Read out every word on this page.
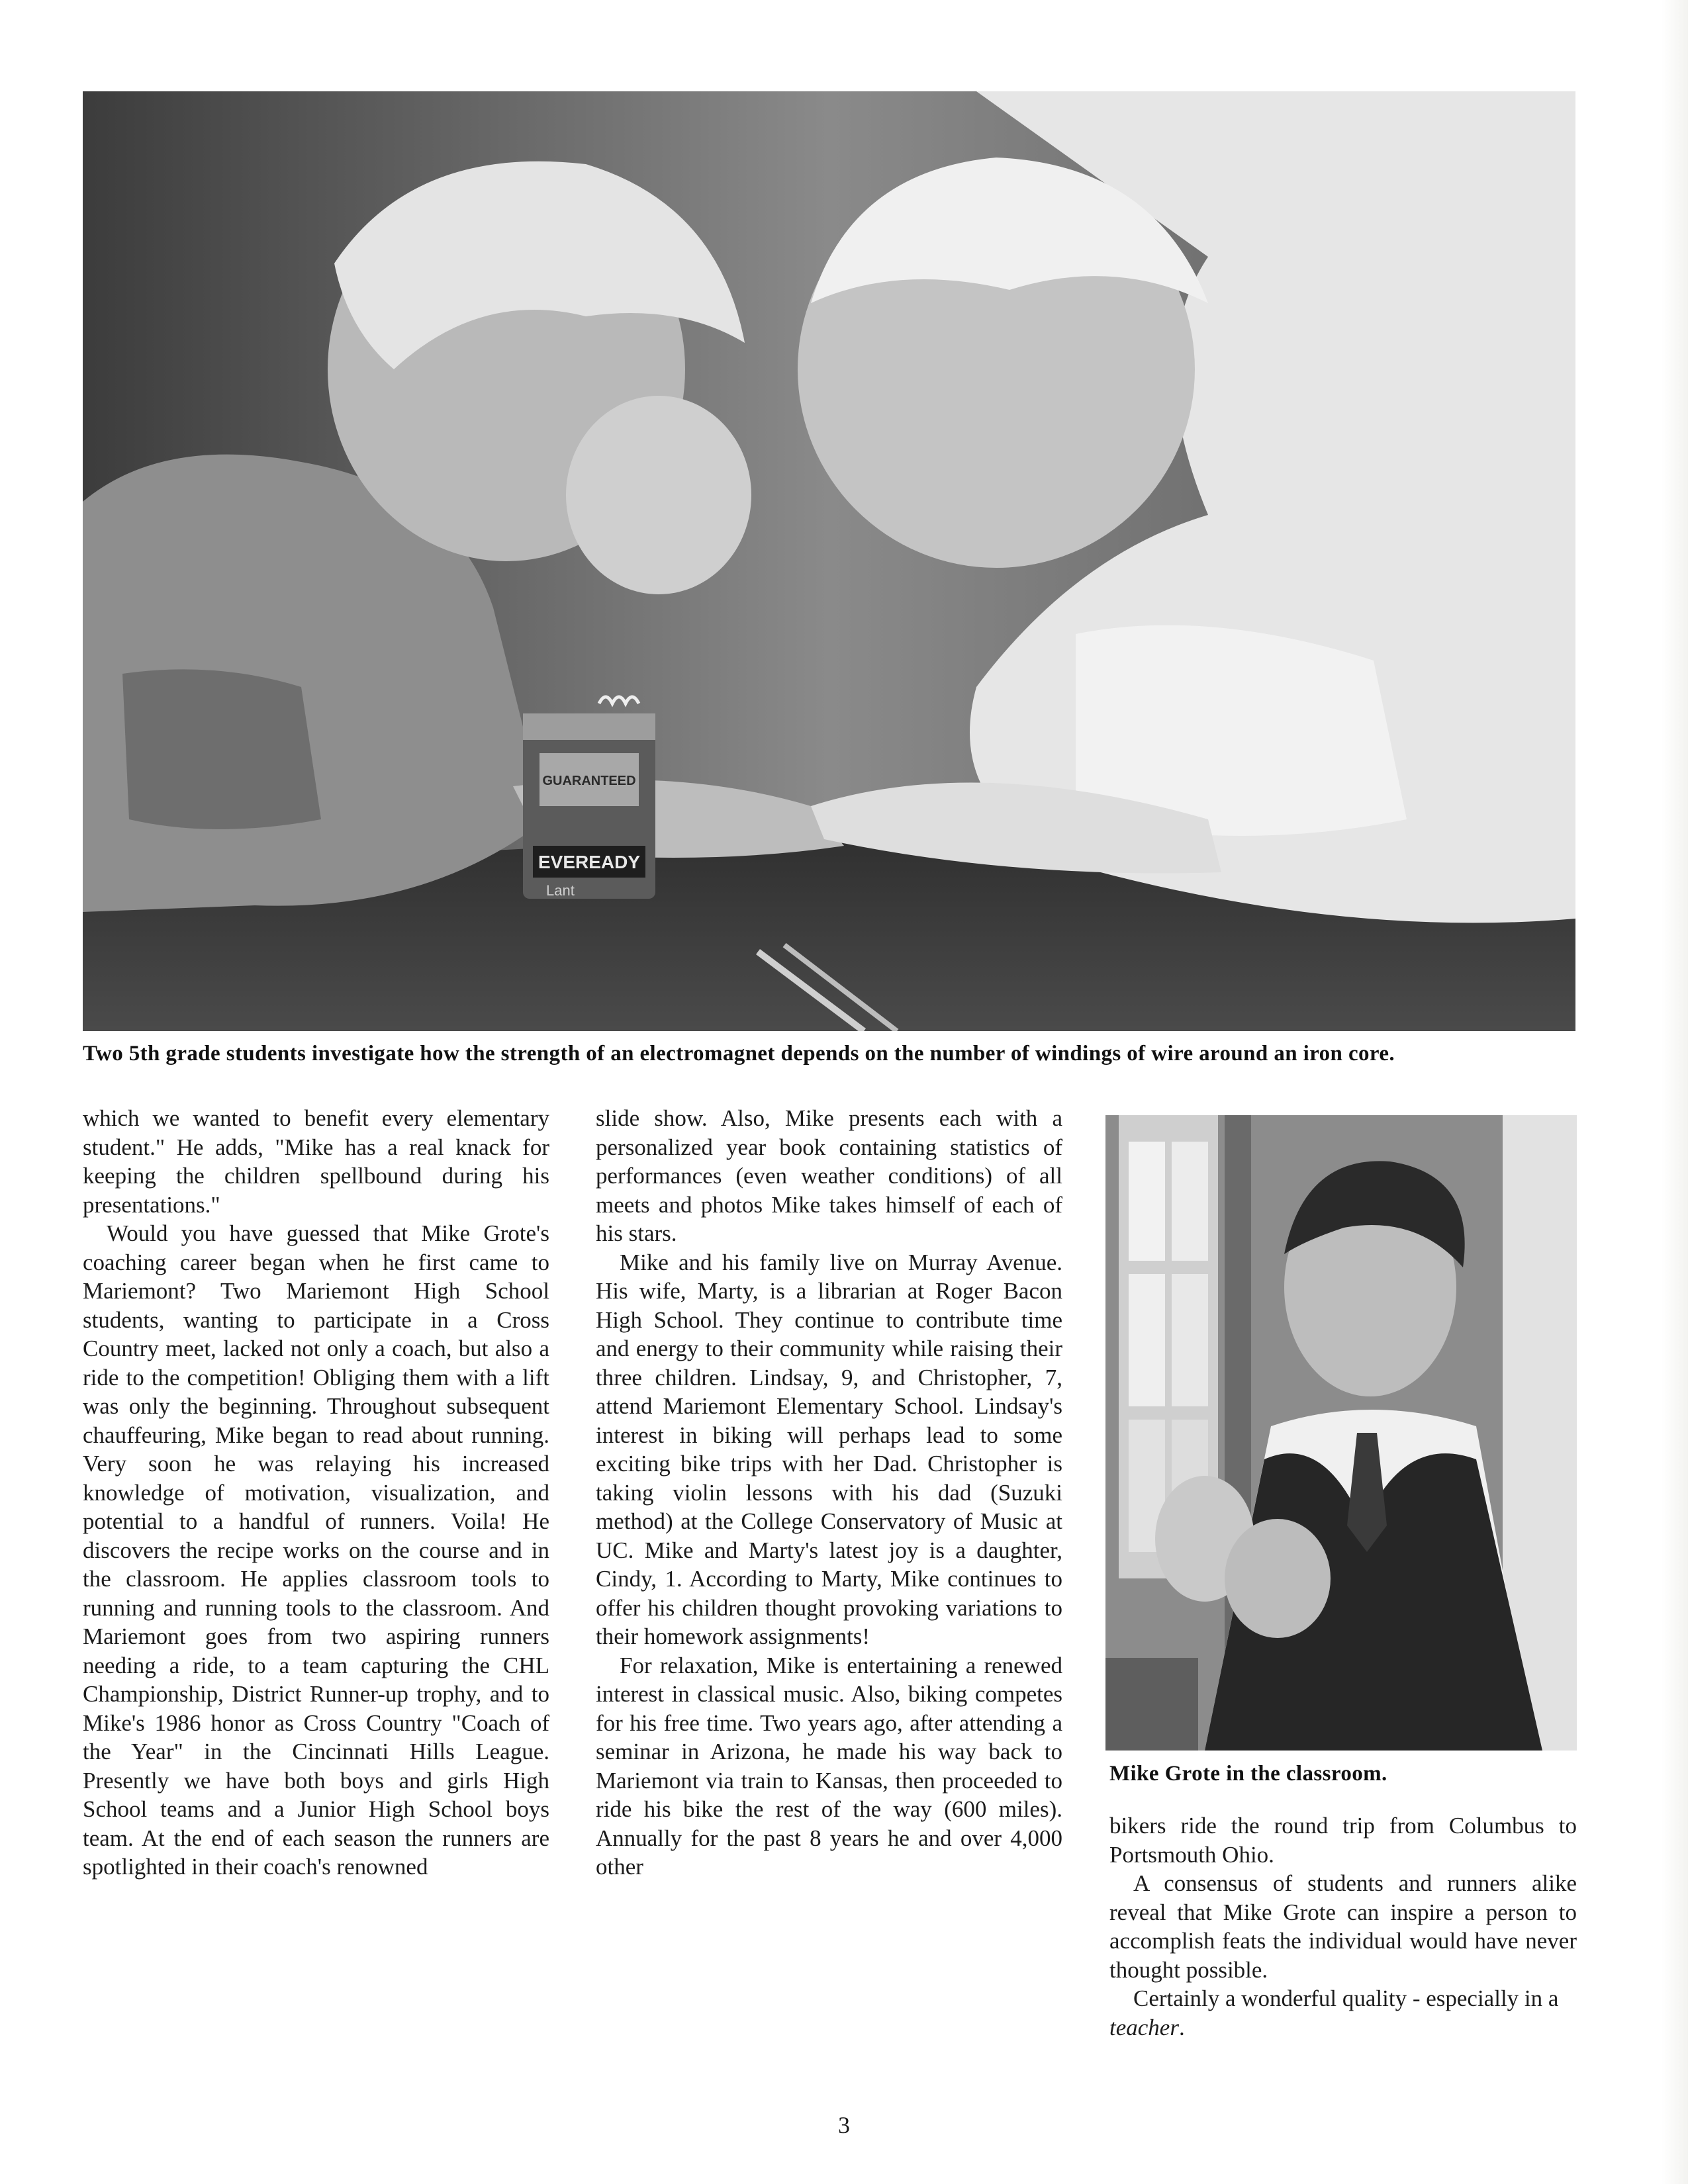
GUARANTEED
EVEREADY
Lant
Two 5th grade students investigate how the strength of an electromagnet depends on the number of windings of wire around an iron core.

which we wanted to benefit every elementary student." He adds, "Mike has a real knack for keeping the children spellbound during his presentations."

Would you have guessed that Mike Grote's coaching career began when he first came to Mariemont? Two Mariemont High School students, wanting to participate in a Cross Country meet, lacked not only a coach, but also a ride to the competition! Obliging them with a lift was only the beginning. Throughout subsequent chauffeuring, Mike began to read about running. Very soon he was relaying his increased knowledge of motivation, visualization, and potential to a handful of runners. Voila! He discovers the recipe works on the course and in the classroom. He applies classroom tools to running and running tools to the classroom. And Mariemont goes from two aspiring runners needing a ride, to a team capturing the CHL Championship, District Runner-up trophy, and to Mike's 1986 honor as Cross Country "Coach of the Year" in the Cincinnati Hills League. Presently we have both boys and girls High School teams and a Junior High School boys team. At the end of each season the runners are spotlighted in their coach's renowned

slide show. Also, Mike presents each with a personalized year book containing statistics of performances (even weather conditions) of all meets and photos Mike takes himself of each of his stars.

Mike and his family live on Murray Avenue. His wife, Marty, is a librarian at Roger Bacon High School. They continue to contribute time and energy to their community while raising their three children. Lindsay, 9, and Christopher, 7, attend Mariemont Elementary School. Lindsay's interest in biking will perhaps lead to some exciting bike trips with her Dad. Christopher is taking violin lessons with his dad (Suzuki method) at the College Conservatory of Music at UC. Mike and Marty's latest joy is a daughter, Cindy, 1. According to Marty, Mike continues to offer his children thought provoking variations to their homework assignments!

For relaxation, Mike is entertaining a renewed interest in classical music. Also, biking competes for his free time. Two years ago, after attending a seminar in Arizona, he made his way back to Mariemont via train to Kansas, then proceeded to ride his bike the rest of the way (600 miles). Annually for the past 8 years he and over 4,000 other

Mike Grote in the classroom.

bikers ride the round trip from Columbus to Portsmouth Ohio.

A consensus of students and runners alike reveal that Mike Grote can inspire a person to accomplish feats the individual would have never thought possible.

Certainly a wonderful quality - especially in a teacher.

3
